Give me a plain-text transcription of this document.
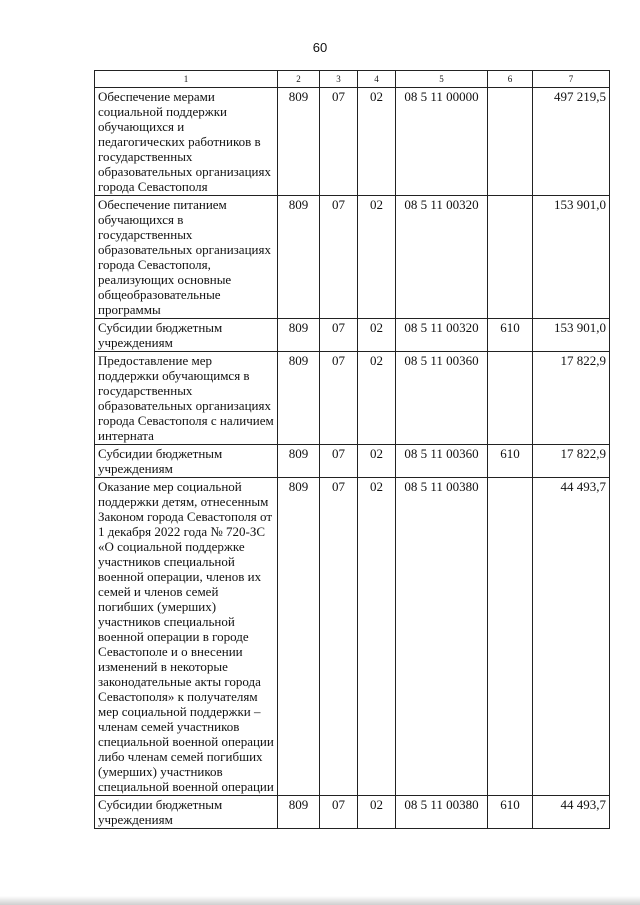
60
1	2	3	4	5	6	7
Обеспечение мерами социальной поддержки обучающихся и педагогических работников в государственных образовательных организациях города Севастополя	809	07	02	08 5 11 00000		497 219,5
Обеспечение питанием обучающихся в государственных образовательных организациях города Севастополя, реализующих основные общеобразовательные программы	809	07	02	08 5 11 00320		153 901,0
Субсидии бюджетным учреждениям	809	07	02	08 5 11 00320	610	153 901,0
Предоставление мер поддержки обучающимся в государственных образовательных организациях города Севастополя с наличием интерната	809	07	02	08 5 11 00360		17 822,9
Субсидии бюджетным учреждениям	809	07	02	08 5 11 00360	610	17 822,9
Оказание мер социальной поддержки детям, отнесенным Законом города Севастополя от 1 декабря 2022 года № 720-ЗС «О социальной поддержке участников специальной военной операции, членов их семей и членов семей погибших (умерших) участников специальной военной операции в городе Севастополе и о внесении изменений в некоторые законодательные акты города Севастополя» к получателям мер социальной поддержки – членам семей участников специальной военной операции либо членам семей погибших (умерших) участников специальной военной операции	809	07	02	08 5 11 00380		44 493,7
Субсидии бюджетным учреждениям	809	07	02	08 5 11 00380	610	44 493,7
